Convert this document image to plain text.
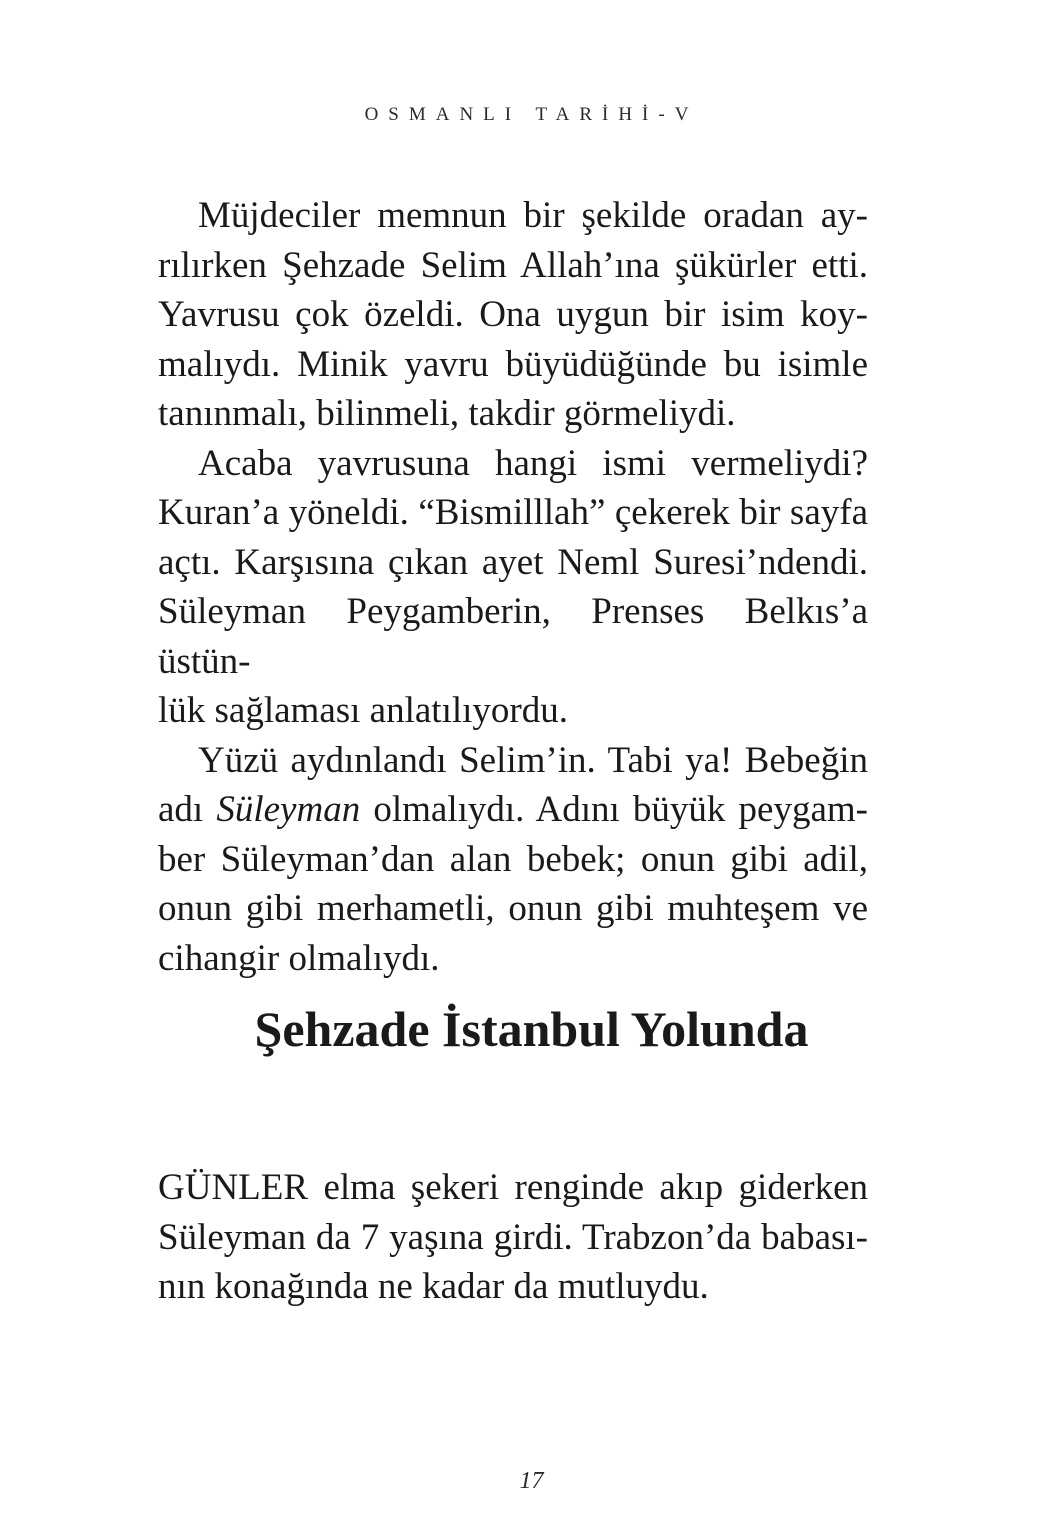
OSMANLI TARİHİ-V

Müjdeciler memnun bir şekilde oradan ay-
rılırken Şehzade Selim Allah’ına şükürler etti.
Yavrusu çok özeldi. Ona uygun bir isim koy-
malıydı. Minik yavru büyüdüğünde bu isimle
tanınmalı, bilinmeli, takdir görmeliydi.

Acaba yavrusuna hangi ismi vermeliydi?
Kuran’a yöneldi. “Bismilllah” çekerek bir sayfa
açtı. Karşısına çıkan ayet Neml Suresi’ndendi.
Süleyman Peygamberin, Prenses Belkıs’a üstün-
lük sağlaması anlatılıyordu.

Yüzü aydınlandı Selim’in. Tabi ya! Bebeğin
adı Süleyman olmalıydı. Adını büyük peygam-
ber Süleyman’dan alan bebek; onun gibi adil,
onun gibi merhametli, onun gibi muhteşem ve
cihangir olmalıydı.

Şehzade İstanbul Yolunda

GÜNLER elma şekeri renginde akıp giderken
Süleyman da 7 yaşına girdi. Trabzon’da babası-
nın konağında ne kadar da mutluydu.

17
